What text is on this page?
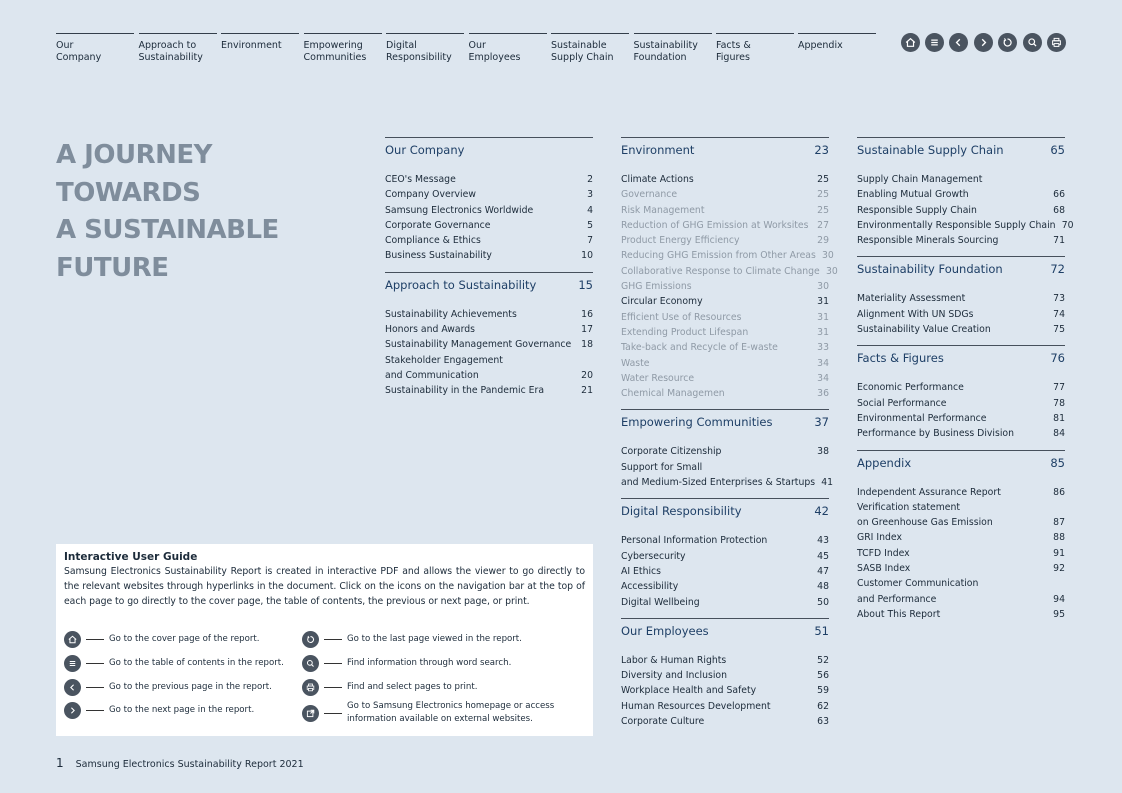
Our
Company
Approach to
Sustainability
Environment	Empowering
Communities
Digital
Responsibility
Our
Employees
Sustainable
Supply Chain
Sustainability
Foundation
Facts &
Figures
Appendix
A JOURNEY
TOWARDS
A SUSTAINABLE
FUTURE
Our Company
CEO's Message	2
Company Overview	3
Samsung Electronics Worldwide	4
Corporate Governance	5
Compliance & Ethics	7
Business Sustainability	10
Approach to Sustainability	15
Sustainability Achievements	16
Honors and Awards	17
Sustainability Management Governance	18
Stakeholder Engagement
and Communication	20
Sustainability in the Pandemic Era	21
Environment	23
Climate Actions	25
Governance	25
Risk Management	25
Reduction of GHG Emission at Worksites 27
Product Energy Efficiency	29
Reducing GHG Emission from Other Areas 30
Collaborative Response to Climate Change 30
GHG Emissions	30
Circular Economy	31
Efficient Use of Resources	31
Extending Product Lifespan	31
Take-back and Recycle of E-waste	33
Waste	34
Water Resource	34
Chemical Managemen	36
Empowering Communities	37
Corporate Citizenship	38
Support for Small
and Medium-Sized Enterprises & Startups 41
Digital Responsibility	42
Personal Information Protection	43
Cybersecurity	45
AI Ethics	47
Accessibility	48
Digital Wellbeing	50
Our Employees	51
Labor & Human Rights	52
Diversity and Inclusion	56
Workplace Health and Safety	59
Human Resources Development	62
Corporate Culture	63
Sustainable Supply Chain	65
Supply Chain Management
Enabling Mutual Growth	66
Responsible Supply Chain	68
Environmentally Responsible Supply Chain 70
Responsible Minerals Sourcing	71
Sustainability Foundation	72
Materiality Assessment	73
Alignment With UN SDGs	74
Sustainability Value Creation	75
Facts & Figures	76
Economic Performance	77
Social Performance	78
Environmental Performance	81
Performance by Business Division	84
Appendix	85
Independent Assurance Report	86
Verification statement
on Greenhouse Gas Emission	87
GRI Index	88
TCFD Index	91
SASB Index	92
Customer Communication
and Performance	94
About This Report	95
Interactive User Guide
Samsung Electronics Sustainability Report is created in interactive PDF and allows the viewer to go directly to the relevant websites through hyperlinks in the document. Click on the icons on the navigation bar at the top of each page to go directly to the cover page, the table of contents, the previous or next page, or print.
Go to the cover page of the report.
Go to the table of contents in the report.
Go to the previous page in the report.
Go to the next page in the report.
Go to the last page viewed in the report.
Find information through word search.
Find and select pages to print.
Go to Samsung Electronics homepage or access
information available on external websites.
1 Samsung Electronics Sustainability Report 2021
